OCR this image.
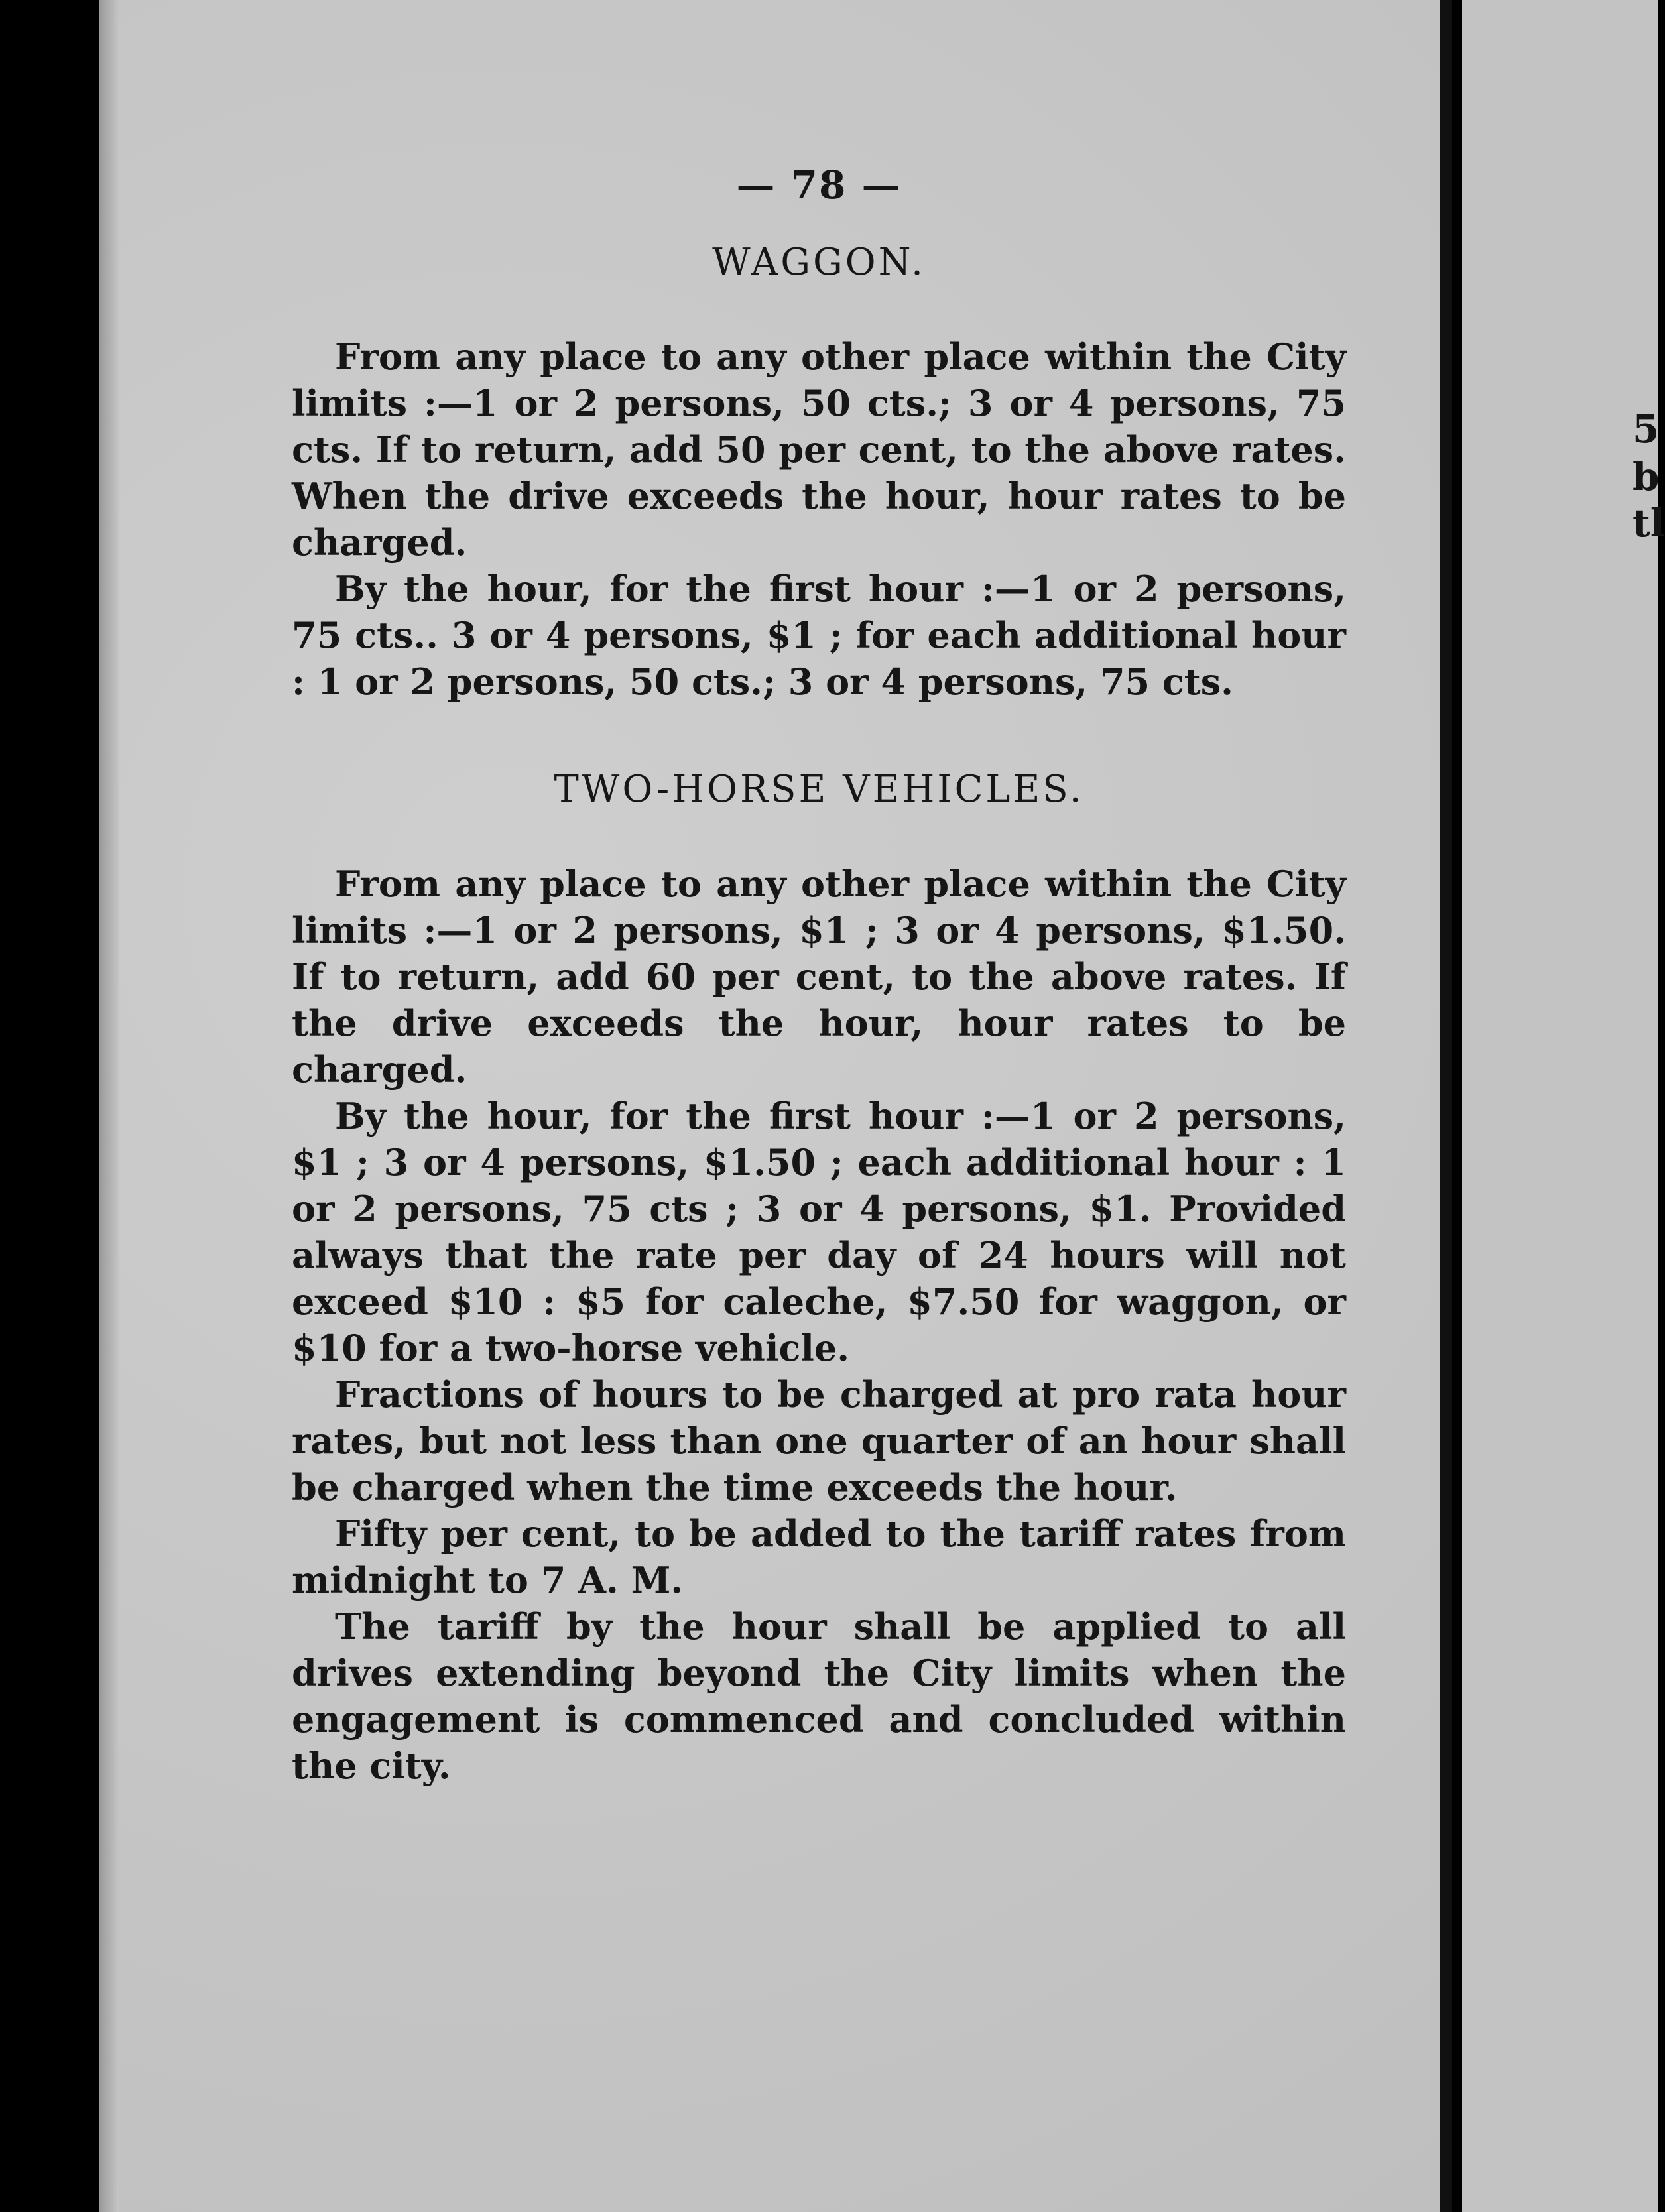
5
b
tl
— 78 —
WAGGON.

From any place to any other place within the City limits :—1 or 2 persons, 50 cts.; 3 or 4 persons, 75 cts. If to return, add 50 per cent, to the above rates. When the drive exceeds the hour, hour rates to be charged.

By the hour, for the first hour :—1 or 2 persons, 75 cts.. 3 or 4 persons, $1 ; for each additional hour : 1 or 2 persons, 50 cts.; 3 or 4 persons, 75 cts.

TWO-HORSE VEHICLES.

From any place to any other place within the City limits :—1 or 2 persons, $1 ; 3 or 4 persons, $1.50. If to return, add 60 per cent, to the above rates. If the drive exceeds the hour, hour rates to be charged.

By the hour, for the first hour :—1 or 2 persons, $1 ; 3 or 4 persons, $1.50 ; each additional hour : 1 or 2 persons, 75 cts ; 3 or 4 persons, $1. Provided always that the rate per day of 24 hours will not exceed $10 : $5 for caleche, $7.50 for waggon, or $10 for a two-horse vehicle.

Fractions of hours to be charged at pro rata hour rates, but not less than one quarter of an hour shall be charged when the time exceeds the hour.

Fifty per cent, to be added to the tariff rates from midnight to 7 A. M.

The tariff by the hour shall be applied to all drives extending beyond the City limits when the engagement is commenced and concluded within the city.
